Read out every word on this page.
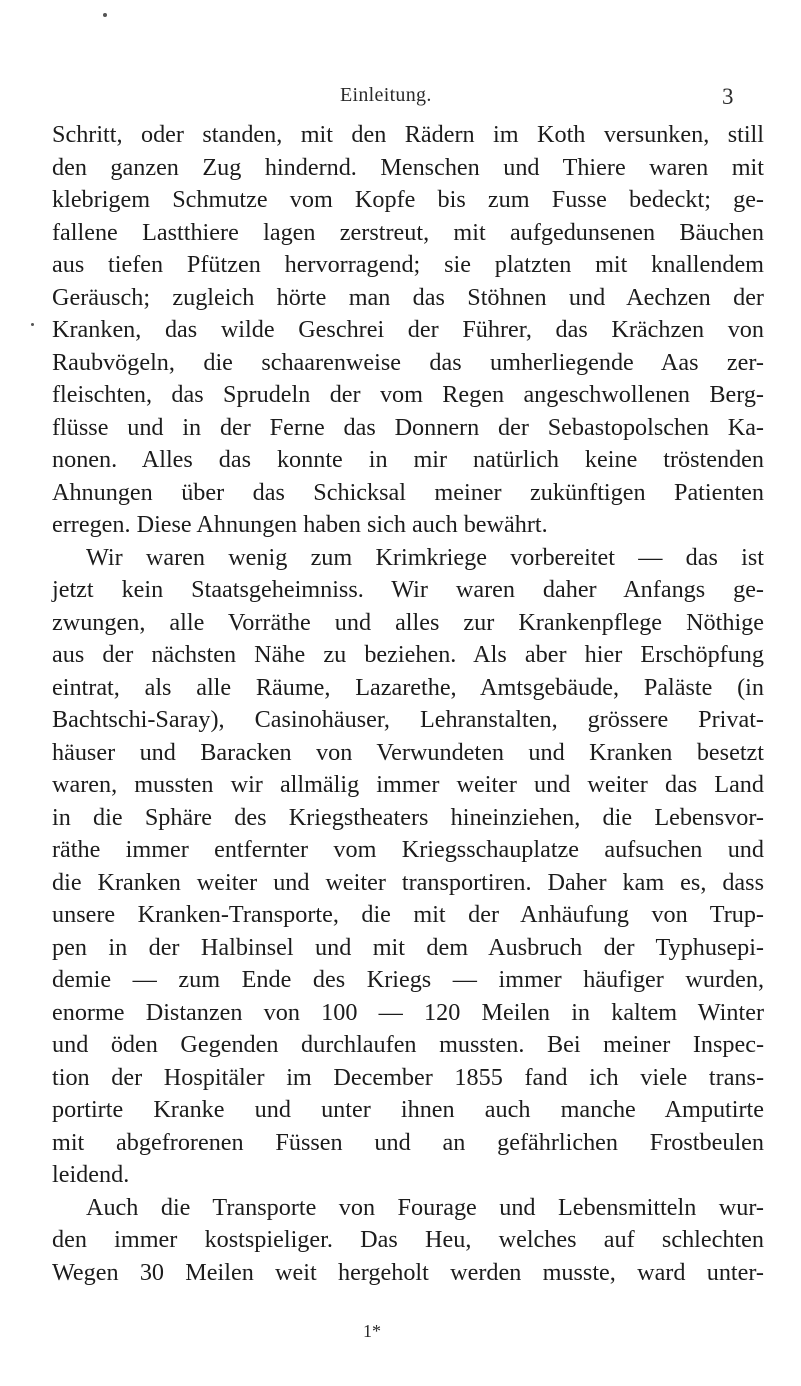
Einleitung.	3
Schritt, oder standen, mit den Rädern im Koth versunken, still
den ganzen Zug hindernd. Menschen und Thiere waren mit
klebrigem Schmutze vom Kopfe bis zum Fusse bedeckt; ge-
fallene Lastthiere lagen zerstreut, mit aufgedunsenen Bäuchen
aus tiefen Pfützen hervorragend; sie platzten mit knallendem
Geräusch; zugleich hörte man das Stöhnen und Aechzen der
Kranken, das wilde Geschrei der Führer, das Krächzen von
Raubvögeln, die schaarenweise das umherliegende Aas zer-
fleischten, das Sprudeln der vom Regen angeschwollenen Berg-
flüsse und in der Ferne das Donnern der Sebastopolschen Ka-
nonen. Alles das konnte in mir natürlich keine tröstenden
Ahnungen über das Schicksal meiner zukünftigen Patienten
erregen. Diese Ahnungen haben sich auch bewährt.
Wir waren wenig zum Krimkriege vorbereitet — das ist
jetzt kein Staatsgeheimniss. Wir waren daher Anfangs ge-
zwungen, alle Vorräthe und alles zur Krankenpflege Nöthige
aus der nächsten Nähe zu beziehen. Als aber hier Erschöpfung
eintrat, als alle Räume, Lazarethe, Amtsgebäude, Paläste (in
Bachtschi-Saray), Casinohäuser, Lehranstalten, grössere Privat-
häuser und Baracken von Verwundeten und Kranken besetzt
waren, mussten wir allmälig immer weiter und weiter das Land
in die Sphäre des Kriegstheaters hineinziehen, die Lebensvor-
räthe immer entfernter vom Kriegsschauplatze aufsuchen und
die Kranken weiter und weiter transportiren. Daher kam es, dass
unsere Kranken-Transporte, die mit der Anhäufung von Trup-
pen in der Halbinsel und mit dem Ausbruch der Typhusepi-
demie — zum Ende des Kriegs — immer häufiger wurden,
enorme Distanzen von 100 — 120 Meilen in kaltem Winter
und öden Gegenden durchlaufen mussten. Bei meiner Inspec-
tion der Hospitäler im December 1855 fand ich viele trans-
portirte Kranke und unter ihnen auch manche Amputirte
mit abgefrorenen Füssen und an gefährlichen Frostbeulen
leidend.
Auch die Transporte von Fourage und Lebensmitteln wur-
den immer kostspieliger. Das Heu, welches auf schlechten
Wegen 30 Meilen weit hergeholt werden musste, ward unter-
1*
